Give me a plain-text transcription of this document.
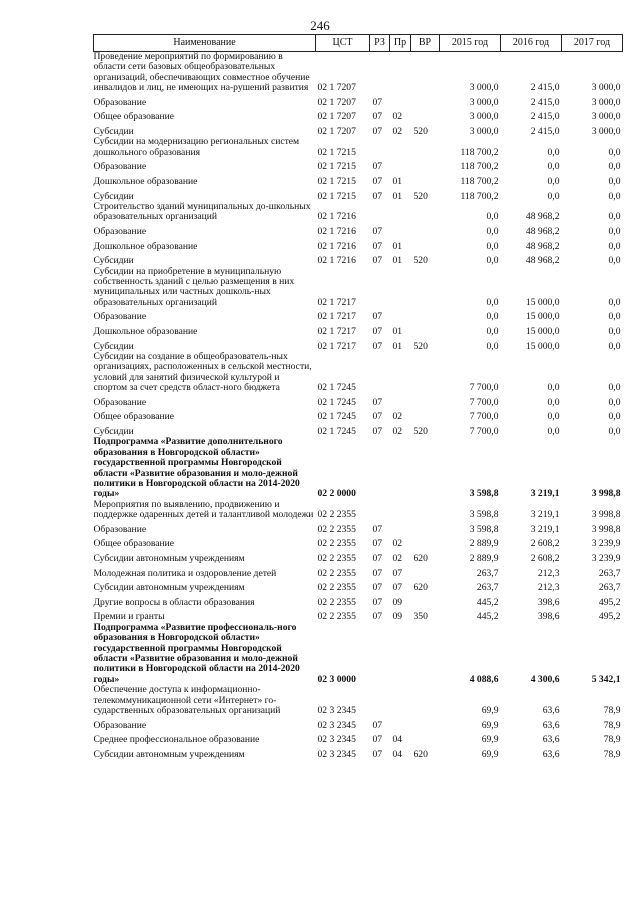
246
Наименование	ЦСТ	РЗ	Пр	ВР	2015 год	2016 год	2017 год
Проведение мероприятий по формированию в области сети базовых общеобразовательных организаций, обеспечивающих совместное обучение инвалидов и лиц, не имеющих на-рушений развития	02 1 7207				3 000,0	2 415,0	3 000,0
Образование	02 1 7207	07			3 000,0	2 415,0	3 000,0
Общее образование	02 1 7207	07	02		3 000,0	2 415,0	3 000,0
Субсидии	02 1 7207	07	02	520	3 000,0	2 415,0	3 000,0
Субсидии на модернизацию региональных систем дошкольного образования	02 1 7215				118 700,2	0,0	0,0
Образование	02 1 7215	07			118 700,2	0,0	0,0
Дошкольное образование	02 1 7215	07	01		118 700,2	0,0	0,0
Субсидии	02 1 7215	07	01	520	118 700,2	0,0	0,0
Строительство зданий муниципальных до-школьных образовательных организаций	02 1 7216				0,0	48 968,2	0,0
Образование	02 1 7216	07			0,0	48 968,2	0,0
Дошкольное образование	02 1 7216	07	01		0,0	48 968,2	0,0
Субсидии	02 1 7216	07	01	520	0,0	48 968,2	0,0
Субсидии на приобретение в муниципальную собственность зданий с целью размещения в них муниципальных или частных дошколь-ных образовательных организаций	02 1 7217				0,0	15 000,0	0,0
Образование	02 1 7217	07			0,0	15 000,0	0,0
Дошкольное образование	02 1 7217	07	01		0,0	15 000,0	0,0
Субсидии	02 1 7217	07	01	520	0,0	15 000,0	0,0
Субсидии на создание в общеобразователь-ных организациях, расположенных в сельской местности, условий для занятий физической культурой и спортом за счет средств област-ного бюджета	02 1 7245				7 700,0	0,0	0,0
Образование	02 1 7245	07			7 700,0	0,0	0,0
Общее образование	02 1 7245	07	02		7 700,0	0,0	0,0
Субсидии	02 1 7245	07	02	520	7 700,0	0,0	0,0
Подпрограмма «Развитие дополнительного образования в Новгородской области» государственной программы Новгородской области «Развитие образования и моло-дежной политики в Новгородской области на 2014-2020 годы»	02 2 0000				3 598,8	3 219,1	3 998,8
Мероприятия по выявлению, продвижению и поддержке одаренных детей и талантливой молодежи	02 2 2355				3 598,8	3 219,1	3 998,8
Образование	02 2 2355	07			3 598,8	3 219,1	3 998,8
Общее образование	02 2 2355	07	02		2 889,9	2 608,2	3 239,9
Субсидии автономным учреждениям	02 2 2355	07	02	620	2 889,9	2 608,2	3 239,9
Молодежная политика и оздоровление детей	02 2 2355	07	07		263,7	212,3	263,7
Субсидии автономным учреждениям	02 2 2355	07	07	620	263,7	212,3	263,7
Другие вопросы в области образования	02 2 2355	07	09		445,2	398,6	495,2
Премии и гранты	02 2 2355	07	09	350	445,2	398,6	495,2
Подпрограмма «Развитие профессиональ-ного образования в Новгородской области» государственной программы Новгородской области «Развитие образования и моло-дежной политики в Новгородской области на 2014-2020 годы»	02 3 0000				4 088,6	4 300,6	5 342,1
Обеспечение доступа к информационно-телекоммуникационной сети «Интернет» го-сударственных образовательных организаций	02 3 2345				69,9	63,6	78,9
Образование	02 3 2345	07			69,9	63,6	78,9
Среднее профессиональное образование	02 3 2345	07	04		69,9	63,6	78,9
Субсидии автономным учреждениям	02 3 2345	07	04	620	69,9	63,6	78,9
